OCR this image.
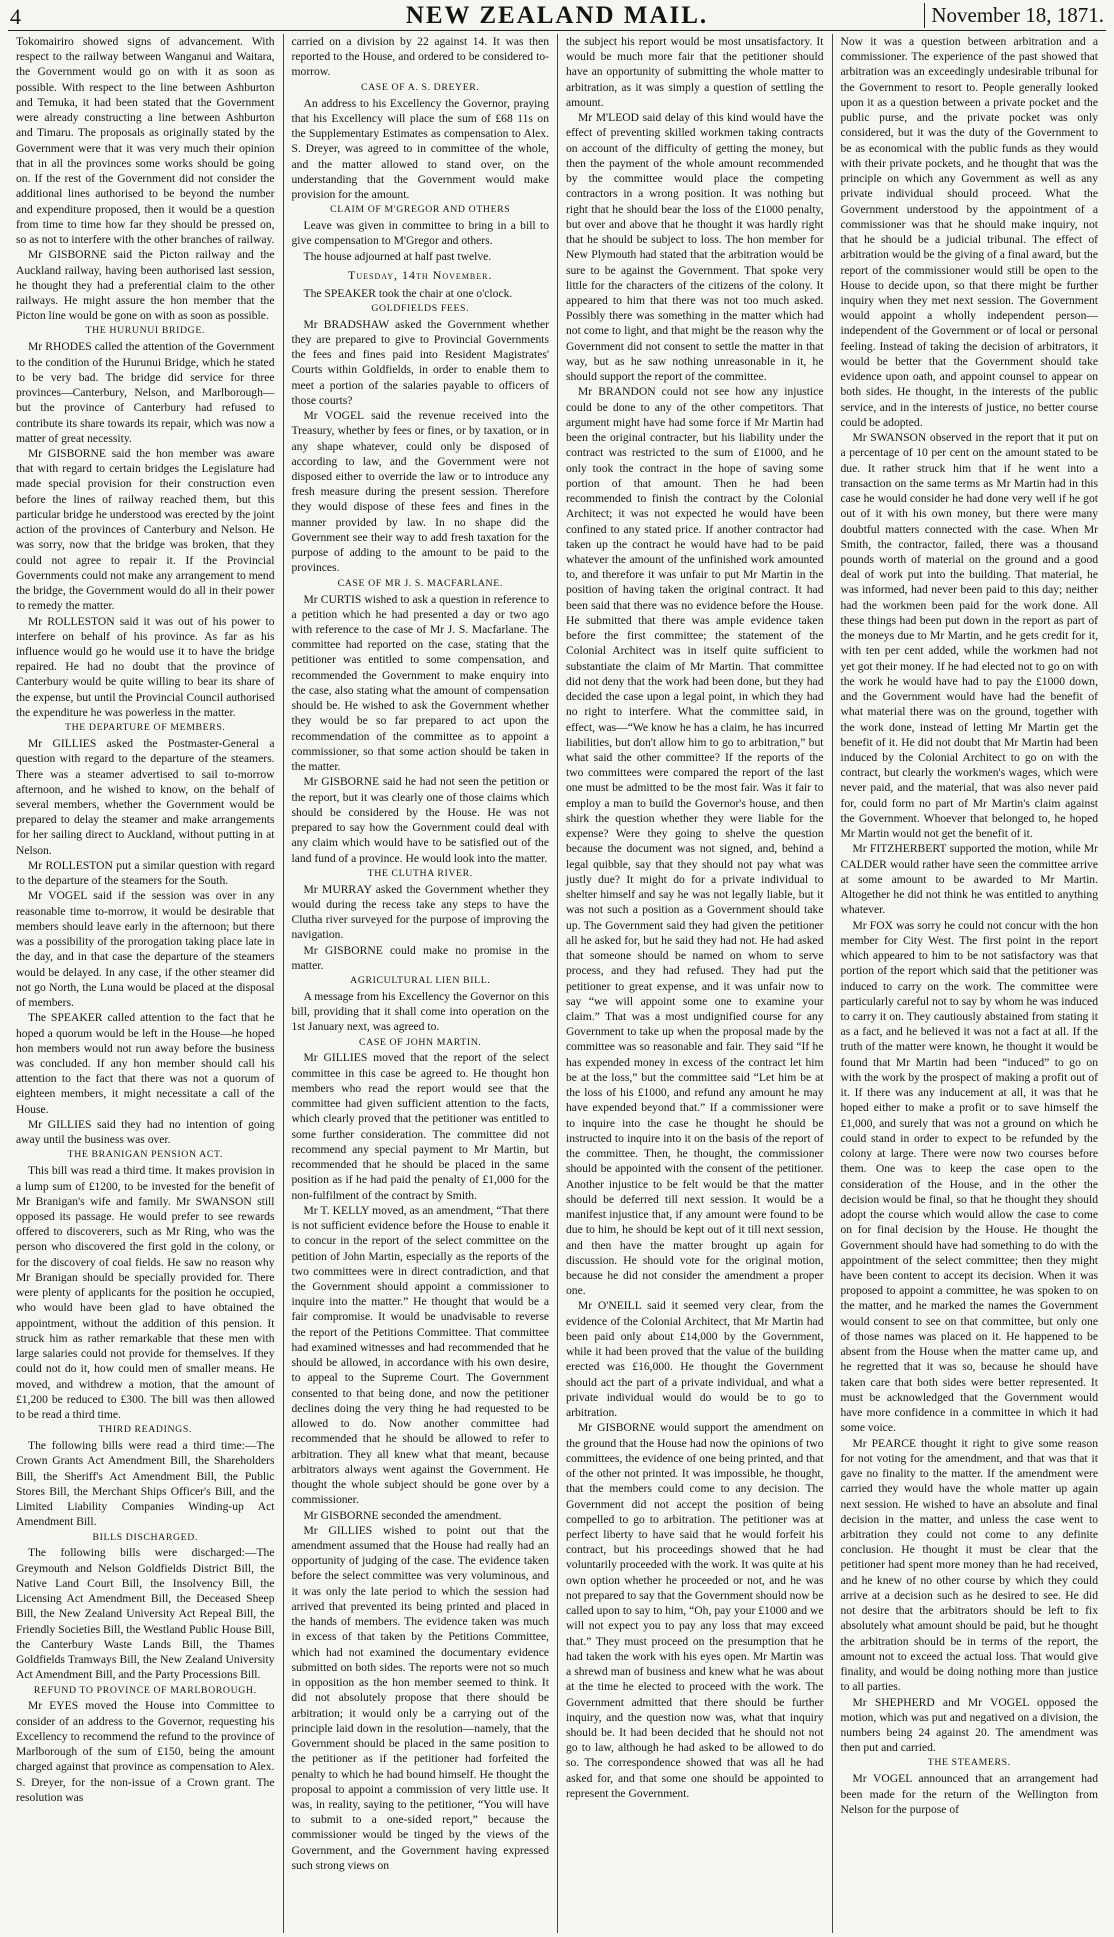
4	NEW ZEALAND MAIL.	November 18, 1871.

Tokomairiro showed signs of advancement. With respect to the railway between Wanganui and Waitara, the Government would go on with it as soon as possible. With respect to the line between Ashburton and Temuka, it had been stated that the Government were already constructing a line between Ashburton and Timaru. The proposals as originally stated by the Government were that it was very much their opinion that in all the provinces some works should be going on. If the rest of the Government did not consider the additional lines authorised to be beyond the number and expenditure proposed, then it would be a question from time to time how far they should be pressed on, so as not to interfere with the other branches of railway.

Mr GISBORNE said the Picton railway and the Auckland railway, having been authorised last session, he thought they had a preferential claim to the other railways. He might assure the hon member that the Picton line would be gone on with as soon as possible.

THE HURUNUI BRIDGE.

Mr RHODES called the attention of the Government to the condition of the Hurunui Bridge, which he stated to be very bad. The bridge did service for three provinces—Canterbury, Nelson, and Marlborough—but the province of Canterbury had refused to contribute its share towards its repair, which was now a matter of great necessity.

Mr GISBORNE said the hon member was aware that with regard to certain bridges the Legislature had made special provision for their construction even before the lines of railway reached them, but this particular bridge he understood was erected by the joint action of the provinces of Canterbury and Nelson. He was sorry, now that the bridge was broken, that they could not agree to repair it. If the Provincial Governments could not make any arrangement to mend the bridge, the Government would do all in their power to remedy the matter.

Mr ROLLESTON said it was out of his power to interfere on behalf of his province. As far as his influence would go he would use it to have the bridge repaired. He had no doubt that the province of Canterbury would be quite willing to bear its share of the expense, but until the Provincial Council authorised the expenditure he was powerless in the matter.

THE DEPARTURE OF MEMBERS.

Mr GILLIES asked the Postmaster-General a question with regard to the departure of the steamers. There was a steamer advertised to sail to-morrow afternoon, and he wished to know, on the behalf of several members, whether the Government would be prepared to delay the steamer and make arrangements for her sailing direct to Auckland, without putting in at Nelson.

Mr ROLLESTON put a similar question with regard to the departure of the steamers for the South.

Mr VOGEL said if the session was over in any reasonable time to-morrow, it would be desirable that members should leave early in the afternoon; but there was a possibility of the prorogation taking place late in the day, and in that case the departure of the steamers would be delayed. In any case, if the other steamer did not go North, the Luna would be placed at the disposal of members.

The SPEAKER called attention to the fact that he hoped a quorum would be left in the House—he hoped hon members would not run away before the business was concluded. If any hon member should call his attention to the fact that there was not a quorum of eighteen members, it might necessitate a call of the House.

Mr GILLIES said they had no intention of going away until the business was over.

THE BRANIGAN PENSION ACT.

This bill was read a third time. It makes provision in a lump sum of £1200, to be invested for the benefit of Mr Branigan's wife and family. Mr SWANSON still opposed its passage. He would prefer to see rewards offered to discoverers, such as Mr Ring, who was the person who discovered the first gold in the colony, or for the discovery of coal fields. He saw no reason why Mr Branigan should be specially provided for. There were plenty of applicants for the position he occupied, who would have been glad to have obtained the appointment, without the addition of this pension. It struck him as rather remarkable that these men with large salaries could not provide for themselves. If they could not do it, how could men of smaller means. He moved, and withdrew a motion, that the amount of £1,200 be reduced to £300. The bill was then allowed to be read a third time.

THIRD READINGS.

The following bills were read a third time:—The Crown Grants Act Amendment Bill, the Shareholders Bill, the Sheriff's Act Amendment Bill, the Public Stores Bill, the Merchant Ships Officer's Bill, and the Limited Liability Companies Winding-up Act Amendment Bill.

BILLS DISCHARGED.

The following bills were discharged:—The Greymouth and Nelson Goldfields District Bill, the Native Land Court Bill, the Insolvency Bill, the Licensing Act Amendment Bill, the Deceased Sheep Bill, the New Zealand University Act Repeal Bill, the Friendly Societies Bill, the Westland Public House Bill, the Canterbury Waste Lands Bill, the Thames Goldfields Tramways Bill, the New Zealand University Act Amendment Bill, and the Party Processions Bill.

REFUND TO PROVINCE OF MARLBOROUGH.

Mr EYES moved the House into Committee to consider of an address to the Governor, requesting his Excellency to recommend the refund to the province of Marlborough of the sum of £150, being the amount charged against that province as compensation to Alex. S. Dreyer, for the non-issue of a Crown grant. The resolution was

carried on a division by 22 against 14. It was then reported to the House, and ordered to be considered to-morrow.

CASE OF A. S. DREYER.

An address to his Excellency the Governor, praying that his Excellency will place the sum of £68 11s on the Supplementary Estimates as compensation to Alex. S. Dreyer, was agreed to in committee of the whole, and the matter allowed to stand over, on the understanding that the Government would make provision for the amount.

CLAIM OF M'GREGOR AND OTHERS

Leave was given in committee to bring in a bill to give compensation to M'Gregor and others.

The house adjourned at half past twelve.

Tuesday, 14th November.

The SPEAKER took the chair at one o'clock.

GOLDFIELDS FEES.

Mr BRADSHAW asked the Government whether they are prepared to give to Provincial Governments the fees and fines paid into Resident Magistrates' Courts within Goldfields, in order to enable them to meet a portion of the salaries payable to officers of those courts?

Mr VOGEL said the revenue received into the Treasury, whether by fees or fines, or by taxation, or in any shape whatever, could only be disposed of according to law, and the Government were not disposed either to override the law or to introduce any fresh measure during the present session. Therefore they would dispose of these fees and fines in the manner provided by law. In no shape did the Government see their way to add fresh taxation for the purpose of adding to the amount to be paid to the provinces.

CASE OF MR J. S. MACFARLANE.

Mr CURTIS wished to ask a question in reference to a petition which he had presented a day or two ago with reference to the case of Mr J. S. Macfarlane. The committee had reported on the case, stating that the petitioner was entitled to some compensation, and recommended the Government to make enquiry into the case, also stating what the amount of compensation should be. He wished to ask the Government whether they would be so far prepared to act upon the recommendation of the committee as to appoint a commissioner, so that some action should be taken in the matter.

Mr GISBORNE said he had not seen the petition or the report, but it was clearly one of those claims which should be considered by the House. He was not prepared to say how the Government could deal with any claim which would have to be satisfied out of the land fund of a province. He would look into the matter.

THE CLUTHA RIVER.

Mr MURRAY asked the Government whether they would during the recess take any steps to have the Clutha river surveyed for the purpose of improving the navigation.

Mr GISBORNE could make no promise in the matter.

AGRICULTURAL LIEN BILL.

A message from his Excellency the Governor on this bill, providing that it shall come into operation on the 1st January next, was agreed to.

CASE OF JOHN MARTIN.

Mr GILLIES moved that the report of the select committee in this case be agreed to. He thought hon members who read the report would see that the committee had given sufficient attention to the facts, which clearly proved that the petitioner was entitled to some further consideration. The committee did not recommend any special payment to Mr Martin, but recommended that he should be placed in the same position as if he had paid the penalty of £1,000 for the non-fulfilment of the contract by Smith.

Mr T. KELLY moved, as an amendment, “That there is not sufficient evidence before the House to enable it to concur in the report of the select committee on the petition of John Martin, especially as the reports of the two committees were in direct contradiction, and that the Government should appoint a commissioner to inquire into the matter.” He thought that would be a fair compromise. It would be unadvisable to reverse the report of the Petitions Committee. That committee had examined witnesses and had recommended that he should be allowed, in accordance with his own desire, to appeal to the Supreme Court. The Government consented to that being done, and now the petitioner declines doing the very thing he had requested to be allowed to do. Now another committee had recommended that he should be allowed to refer to arbitration. They all knew what that meant, because arbitrators always went against the Government. He thought the whole subject should be gone over by a commissioner.

Mr GISBORNE seconded the amendment.

Mr GILLIES wished to point out that the amendment assumed that the House had really had an opportunity of judging of the case. The evidence taken before the select committee was very voluminous, and it was only the late period to which the session had arrived that prevented its being printed and placed in the hands of members. The evidence taken was much in excess of that taken by the Petitions Committee, which had not examined the documentary evidence submitted on both sides. The reports were not so much in opposition as the hon member seemed to think. It did not absolutely propose that there should be arbitration; it would only be a carrying out of the principle laid down in the resolution—namely, that the Government should be placed in the same position to the petitioner as if the petitioner had forfeited the penalty to which he had bound himself. He thought the proposal to appoint a commission of very little use. It was, in reality, saying to the petitioner, “You will have to submit to a one-sided report,” because the commissioner would be tinged by the views of the Government, and the Government having expressed such strong views on

the subject his report would be most unsatisfactory. It would be much more fair that the petitioner should have an opportunity of submitting the whole matter to arbitration, as it was simply a question of settling the amount.

Mr M'LEOD said delay of this kind would have the effect of preventing skilled workmen taking contracts on account of the difficulty of getting the money, but then the payment of the whole amount recommended by the committee would place the competing contractors in a wrong position. It was nothing but right that he should bear the loss of the £1000 penalty, but over and above that he thought it was hardly right that he should be subject to loss. The hon member for New Plymouth had stated that the arbitration would be sure to be against the Government. That spoke very little for the characters of the citizens of the colony. It appeared to him that there was not too much asked. Possibly there was something in the matter which had not come to light, and that might be the reason why the Government did not consent to settle the matter in that way, but as he saw nothing unreasonable in it, he should support the report of the committee.

Mr BRANDON could not see how any injustice could be done to any of the other competitors. That argument might have had some force if Mr Martin had been the original contracter, but his liability under the contract was restricted to the sum of £1000, and he only took the contract in the hope of saving some portion of that amount. Then he had been recommended to finish the contract by the Colonial Architect; it was not expected he would have been confined to any stated price. If another contractor had taken up the contract he would have had to be paid whatever the amount of the unfinished work amounted to, and therefore it was unfair to put Mr Martin in the position of having taken the original contract. It had been said that there was no evidence before the House. He submitted that there was ample evidence taken before the first committee; the statement of the Colonial Architect was in itself quite sufficient to substantiate the claim of Mr Martin. That committee did not deny that the work had been done, but they had decided the case upon a legal point, in which they had no right to interfere. What the committee said, in effect, was—“We know he has a claim, he has incurred liabilities, but don't allow him to go to arbitration,” but what said the other committee? If the reports of the two committees were compared the report of the last one must be admitted to be the most fair. Was it fair to employ a man to build the Governor's house, and then shirk the question whether they were liable for the expense? Were they going to shelve the question because the document was not signed, and, behind a legal quibble, say that they should not pay what was justly due? It might do for a private individual to shelter himself and say he was not legally liable, but it was not such a position as a Government should take up. The Government said they had given the petitioner all he asked for, but he said they had not. He had asked that someone should be named on whom to serve process, and they had refused. They had put the petitioner to great expense, and it was unfair now to say “we will appoint some one to examine your claim.” That was a most undignified course for any Government to take up when the proposal made by the committee was so reasonable and fair. They said “If he has expended money in excess of the contract let him be at the loss,” but the committee said “Let him be at the loss of his £1000, and refund any amount he may have expended beyond that.” If a commissioner were to inquire into the case he thought he should be instructed to inquire into it on the basis of the report of the committee. Then, he thought, the commissioner should be appointed with the consent of the petitioner. Another injustice to be felt would be that the matter should be deferred till next session. It would be a manifest injustice that, if any amount were found to be due to him, he should be kept out of it till next session, and then have the matter brought up again for discussion. He should vote for the original motion, because he did not consider the amendment a proper one.

Mr O'NEILL said it seemed very clear, from the evidence of the Colonial Architect, that Mr Martin had been paid only about £14,000 by the Government, while it had been proved that the value of the building erected was £16,000. He thought the Government should act the part of a private individual, and what a private individual would do would be to go to arbitration.

Mr GISBORNE would support the amendment on the ground that the House had now the opinions of two committees, the evidence of one being printed, and that of the other not printed. It was impossible, he thought, that the members could come to any decision. The Government did not accept the position of being compelled to go to arbitration. The petitioner was at perfect liberty to have said that he would forfeit his contract, but his proceedings showed that he had voluntarily proceeded with the work. It was quite at his own option whether he proceeded or not, and he was not prepared to say that the Government should now be called upon to say to him, “Oh, pay your £1000 and we will not expect you to pay any loss that may exceed that.” They must proceed on the presumption that he had taken the work with his eyes open. Mr Martin was a shrewd man of business and knew what he was about at the time he elected to proceed with the work. The Government admitted that there should be further inquiry, and the question now was, what that inquiry should be. It had been decided that he should not not go to law, although he had asked to be allowed to do so. The correspondence showed that was all he had asked for, and that some one should be appointed to represent the Government.

Now it was a question between arbitration and a commissioner. The experience of the past showed that arbitration was an exceedingly undesirable tribunal for the Government to resort to. People generally looked upon it as a question between a private pocket and the public purse, and the private pocket was only considered, but it was the duty of the Government to be as economical with the public funds as they would with their private pockets, and he thought that was the principle on which any Government as well as any private individual should proceed. What the Government understood by the appointment of a commissioner was that he should make inquiry, not that he should be a judicial tribunal. The effect of arbitration would be the giving of a final award, but the report of the commissioner would still be open to the House to decide upon, so that there might be further inquiry when they met next session. The Government would appoint a wholly independent person—independent of the Government or of local or personal feeling. Instead of taking the decision of arbitrators, it would be better that the Government should take evidence upon oath, and appoint counsel to appear on both sides. He thought, in the interests of the public service, and in the interests of justice, no better course could be adopted.

Mr SWANSON observed in the report that it put on a percentage of 10 per cent on the amount stated to be due. It rather struck him that if he went into a transaction on the same terms as Mr Martin had in this case he would consider he had done very well if he got out of it with his own money, but there were many doubtful matters connected with the case. When Mr Smith, the contractor, failed, there was a thousand pounds worth of material on the ground and a good deal of work put into the building. That material, he was informed, had never been paid to this day; neither had the workmen been paid for the work done. All these things had been put down in the report as part of the moneys due to Mr Martin, and he gets credit for it, with ten per cent added, while the workmen had not yet got their money. If he had elected not to go on with the work he would have had to pay the £1000 down, and the Government would have had the benefit of what material there was on the ground, together with the work done, instead of letting Mr Martin get the benefit of it. He did not doubt that Mr Martin had been induced by the Colonial Architect to go on with the contract, but clearly the workmen's wages, which were never paid, and the material, that was also never paid for, could form no part of Mr Martin's claim against the Government. Whoever that belonged to, he hoped Mr Martin would not get the benefit of it.

Mr FITZHERBERT supported the motion, while Mr CALDER would rather have seen the committee arrive at some amount to be awarded to Mr Martin. Altogether he did not think he was entitled to anything whatever.

Mr FOX was sorry he could not concur with the hon member for City West. The first point in the report which appeared to him to be not satisfactory was that portion of the report which said that the petitioner was induced to carry on the work. The committee were particularly careful not to say by whom he was induced to carry it on. They cautiously abstained from stating it as a fact, and he believed it was not a fact at all. If the truth of the matter were known, he thought it would be found that Mr Martin had been “induced” to go on with the work by the prospect of making a profit out of it. If there was any inducement at all, it was that he hoped either to make a profit or to save himself the £1,000, and surely that was not a ground on which he could stand in order to expect to be refunded by the colony at large. There were now two courses before them. One was to keep the case open to the consideration of the House, and in the other the decision would be final, so that he thought they should adopt the course which would allow the case to come on for final decision by the House. He thought the Government should have had something to do with the appointment of the select committee; then they might have been content to accept its decision. When it was proposed to appoint a committee, he was spoken to on the matter, and he marked the names the Government would consent to see on that committee, but only one of those names was placed on it. He happened to be absent from the House when the matter came up, and he regretted that it was so, because he should have taken care that both sides were better represented. It must be acknowledged that the Government would have more confidence in a committee in which it had some voice.

Mr PEARCE thought it right to give some reason for not voting for the amendment, and that was that it gave no finality to the matter. If the amendment were carried they would have the whole matter up again next session. He wished to have an absolute and final decision in the matter, and unless the case went to arbitration they could not come to any definite conclusion. He thought it must be clear that the petitioner had spent more money than he had received, and he knew of no other course by which they could arrive at a decision such as he desired to see. He did not desire that the arbitrators should be left to fix absolutely what amount should be paid, but he thought the arbitration should be in terms of the report, the amount not to exceed the actual loss. That would give finality, and would be doing nothing more than justice to all parties.

Mr SHEPHERD and Mr VOGEL opposed the motion, which was put and negatived on a division, the numbers being 24 against 20. The amendment was then put and carried.

THE STEAMERS.

Mr VOGEL announced that an arrangement had been made for the return of the Wellington from Nelson for the purpose of
